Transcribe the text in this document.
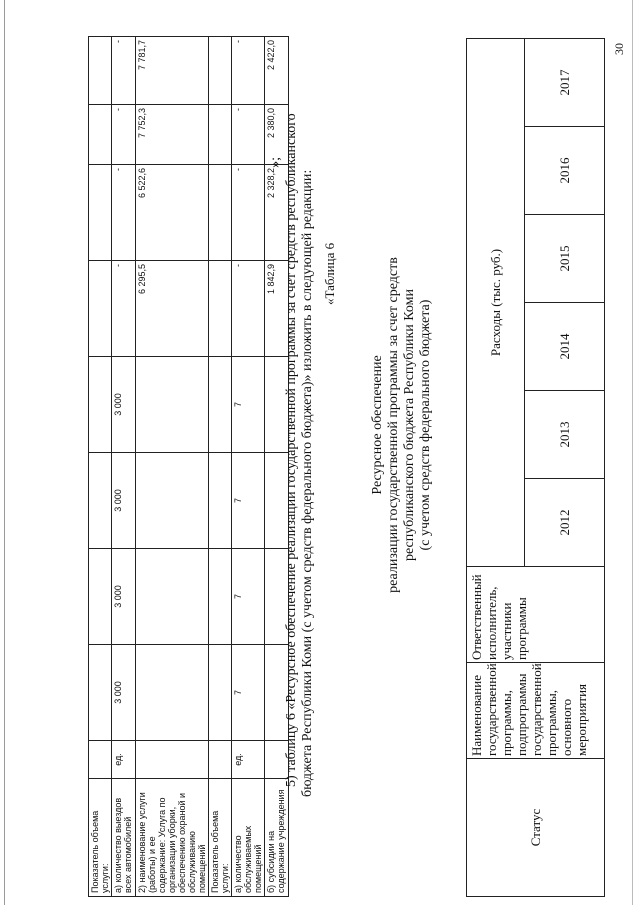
Показатель объема услуги:									
а) количество выездов всех автомобилей	ед.	3 000	3 000	3 000	3 000	-	-	-	-
2) наименование услуги (работы) и ее содержание: Услуга по организации уборки, обеспечению охраной и обслуживанию помещений						6 295,5	6 522,6	7 752,3	7 781,7
Показатель объема услуги:									
а) количество обслуживаемых помещений	ед.	7	7	7	7	-	-	-	-
б) субсидии на содержание учреждения						1 842,9	2 328,2	2 380,0	2 422,0
»; 5) таблицу 6 «Ресурсное обеспечение реализации государственной программы за счет средств республиканского бюджета Республики Коми (с учетом средств федерального бюджета)» изложить в следующей редакции: «Таблица 6
Ресурсное обеспечение реализации государственной программы за счет средств республиканского бюджета Республики Коми (с учетом средств федерального бюджета)
Статус	Наименование государственной программы, подпрограммы государственной программы, основного мероприятия	Ответственный исполнитель, участники программы	Расходы (тыс. руб.)					
			2012	2013	2014	2015	2016	2017
30
